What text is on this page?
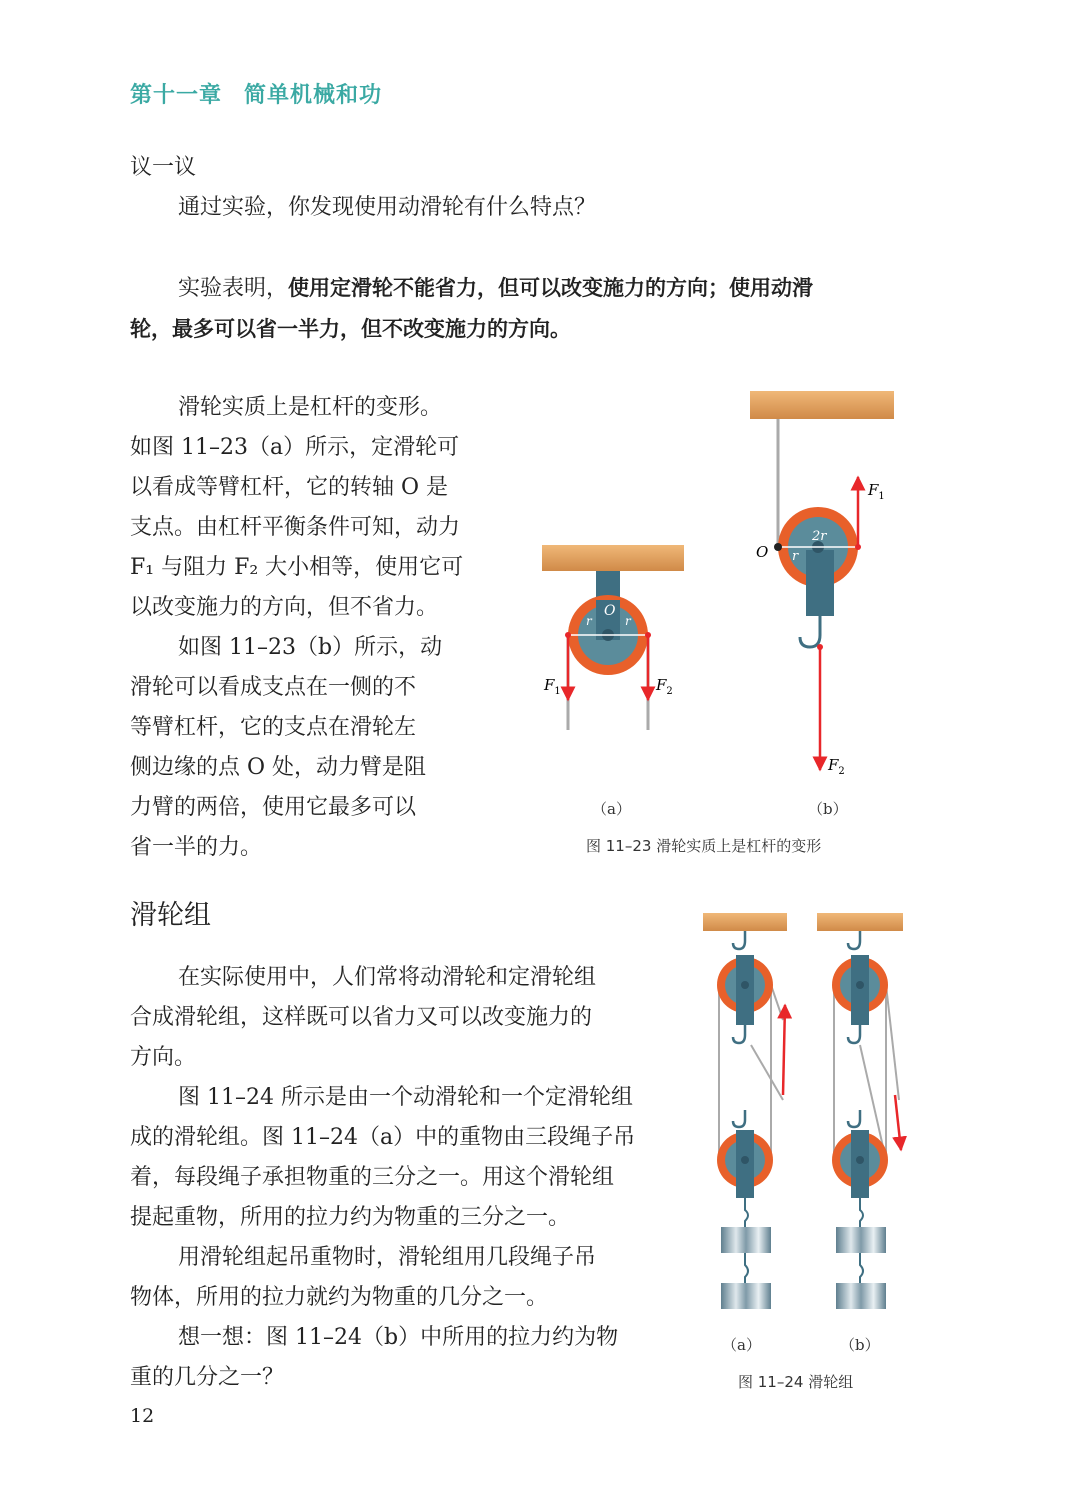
第十一章 简单机械和功
议一议
通过实验，你发现使用动滑轮有什么特点？
实验表明，使用定滑轮不能省力，但可以改变施力的方向；使用动滑
轮，最多可以省一半力，但不改变施力的方向。
滑轮实质上是杠杆的变形。
如图 11–23（a）所示，定滑轮可
以看成等臂杠杆，它的转轴 O 是
支点。由杠杆平衡条件可知，动力
F₁ 与阻力 F₂ 大小相等，使用它可
以改变施力的方向，但不省力。
如图 11–23（b）所示，动
滑轮可以看成支点在一侧的不
等臂杠杆，它的支点在滑轮左
侧边缘的点 O 处，动力臂是阻
力臂的两倍，使用它最多可以
省一半的力。
O
r	r
$F_1$	$F_2$
O
2r
r
$F_1$
$F_2$
（a）	（b）
图 11–23 滑轮实质上是杠杆的变形
滑轮组
在实际使用中，人们常将动滑轮和定滑轮组
合成滑轮组，这样既可以省力又可以改变施力的
方向。
图 11–24 所示是由一个动滑轮和一个定滑轮组
成的滑轮组。图 11–24（a）中的重物由三段绳子吊
着，每段绳子承担物重的三分之一。用这个滑轮组
提起重物，所用的拉力约为物重的三分之一。
用滑轮组起吊重物时，滑轮组用几段绳子吊
物体，所用的拉力就约为物重的几分之一。
想一想：图 11–24（b）中所用的拉力约为物
重的几分之一？
（a）	（b）
图 11–24 滑轮组
12
